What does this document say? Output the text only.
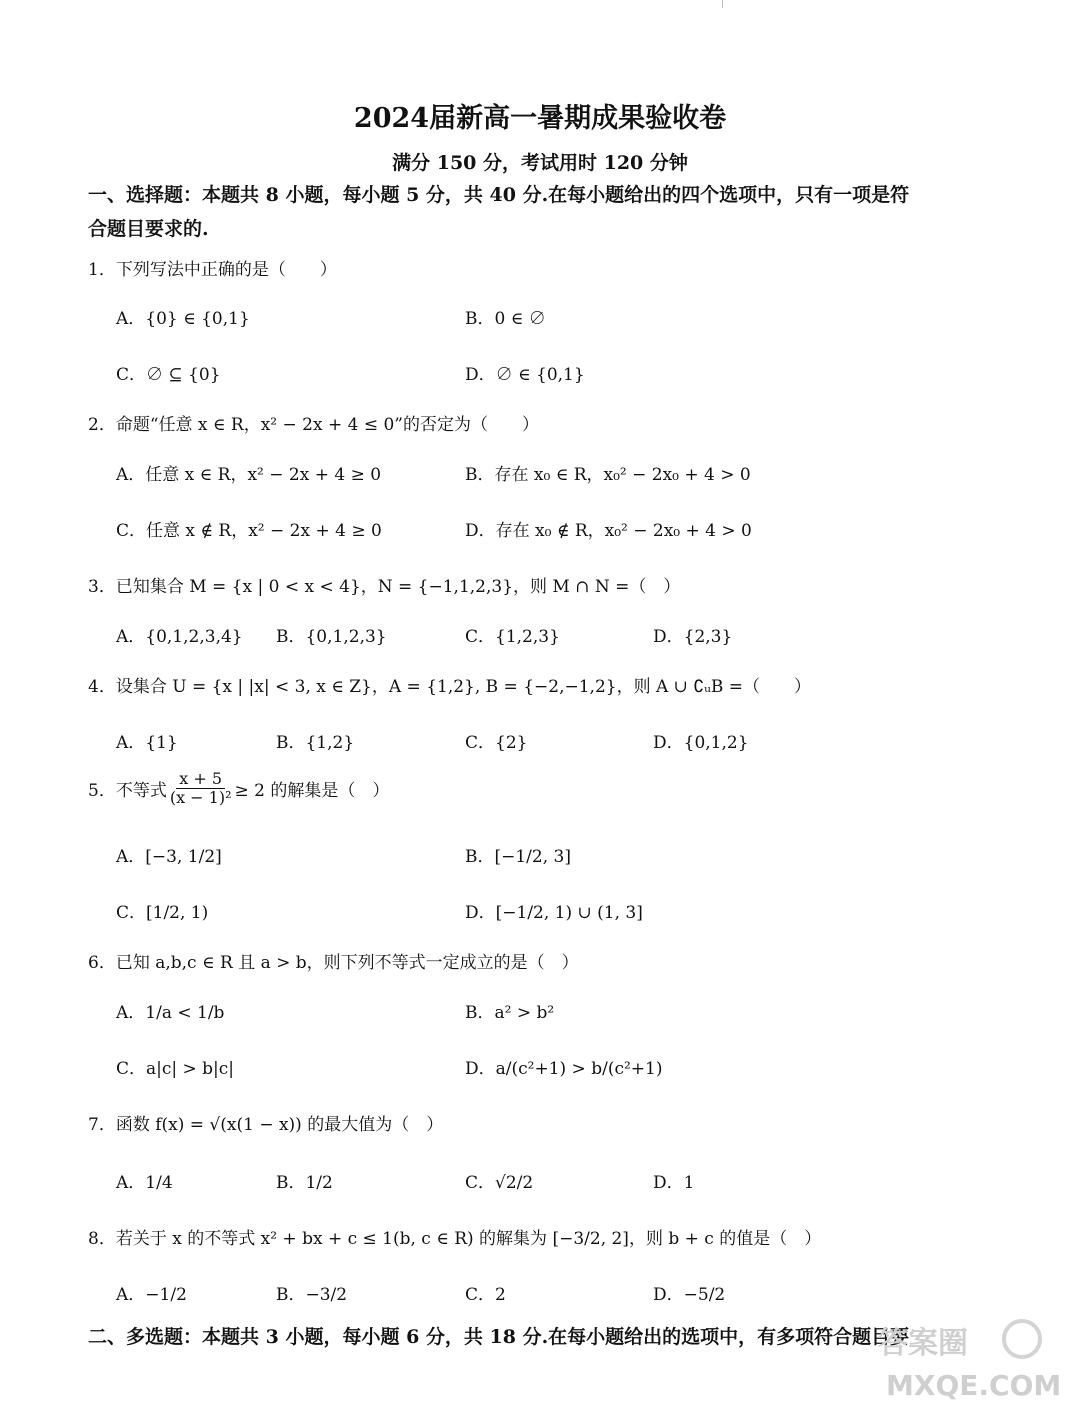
2024届新高一暑期成果验收卷
满分 150 分，考试用时 120 分钟
一、选择题：本题共 8 小题，每小题 5 分，共 40 分.在每小题给出的四个选项中，只有一项是符
合题目要求的.
1．下列写法中正确的是（　　）
A．{0} ∈ {0,1}	B．0 ∈ ∅
C．∅ ⊆ {0}	D．∅ ∈ {0,1}
2．命题“任意 x ∈ R，x² − 2x + 4 ≤ 0”的否定为（　　）
A．任意 x ∈ R，x² − 2x + 4 ≥ 0	B．存在 x₀ ∈ R，x₀² − 2x₀ + 4 > 0
C．任意 x ∉ R，x² − 2x + 4 ≥ 0	D．存在 x₀ ∉ R，x₀² − 2x₀ + 4 > 0
3．已知集合 M = {x | 0 < x < 4}，N = {−1,1,2,3}，则 M ∩ N =（　）
A．{0,1,2,3,4} B．{0,1,2,3}	C．{1,2,3}	D．{2,3}
4．设集合 U = {x | |x| < 3, x ∈ Z}，A = {1,2}, B = {−2,−1,2}，则 A ∪ ∁ᵤB =（　　）
A．{1}	B．{1,2}	C．{2}	D．{0,1,2}
5．不等式 $\frac{x + 5}{\text{(x − 1)²}} \ge 2$ 的解集是（　）
A．[−3, 1/2]	B．[−1/2, 3]
C．[1/2, 1)	D．[−1/2, 1) ∪ (1, 3]
6．已知 a,b,c ∈ R 且 a > b，则下列不等式一定成立的是（　）
A．1/a < 1/b	B．a² > b²
C．a|c| > b|c|	D．a/(c²+1) > b/(c²+1)
7．函数 f(x) = √(x(1 − x)) 的最大值为（　）
A．1/4	B．1/2	C．√2/2	D．1
8．若关于 x 的不等式 x² + bx + c ≤ 1(b, c ∈ R) 的解集为 [−3/2, 2]，则 b + c 的值是（　）
A．−1/2	B．−3/2	C．2	D．−5/2
二、多选题：本题共 3 小题，每小题 6 分，共 18 分.在每小题给出的选项中，有多项符合题目要
答案圈
MXQE.COM
